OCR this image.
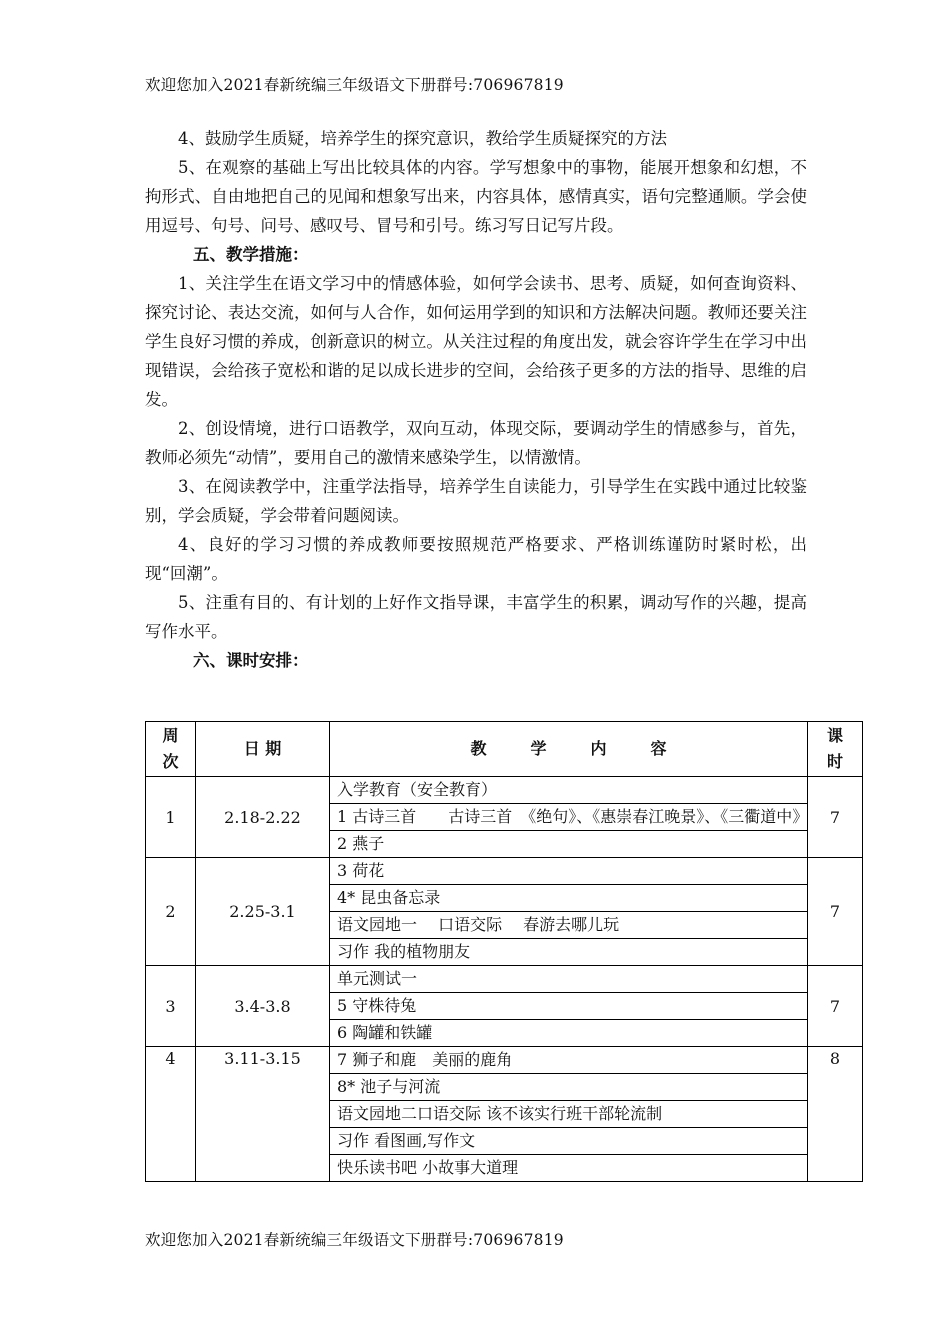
欢迎您加入2021春新统编三年级语文下册群号:706967819

4、鼓励学生质疑，培养学生的探究意识，教给学生质疑探究的方法

5、在观察的基础上写出比较具体的内容。学写想象中的事物，能展开想象和幻想，不拘形式、自由地把自己的见闻和想象写出来，内容具体，感情真实，语句完整通顺。学会使用逗号、句号、问号、感叹号、冒号和引号。练习写日记写片段。

五、教学措施：

1、关注学生在语文学习中的情感体验，如何学会读书、思考、质疑，如何查询资料、探究讨论、表达交流，如何与人合作，如何运用学到的知识和方法解决问题。教师还要关注学生良好习惯的养成，创新意识的树立。从关注过程的角度出发，就会容许学生在学习中出现错误，会给孩子宽松和谐的足以成长进步的空间，会给孩子更多的方法的指导、思维的启发。

2、创设情境，进行口语教学，双向互动，体现交际，要调动学生的情感参与，首先，教师必须先“动情”，要用自己的激情来感染学生，以情激情。

3、在阅读教学中，注重学法指导，培养学生自读能力，引导学生在实践中通过比较鉴别，学会质疑，学会带着问题阅读。

4、良好的学习习惯的养成教师要按照规范严格要求、严格训练谨防时紧时松，出现“回潮”。

5、注重有目的、有计划的上好作文指导课，丰富学生的积累，调动写作的兴趣，提高写作水平。

六、课时安排：

周次	日 期	教学内容	课时
1	2.18-2.22	入学教育（安全教育）	7
		1 古诗三首　　古诗三首　《绝句》、《惠崇春江晚景》、《三衢道中》	
		2 燕子	
2	2.25-3.1	3 荷花	7
		4* 昆虫备忘录	
		语文园地一　 口语交际　 春游去哪儿玩	
		习作 我的植物朋友	
3	3.4-3.8	单元测试一	7
		5 守株待兔	
		6 陶罐和铁罐	
4	3.11-3.15	7 狮子和鹿　美丽的鹿角	8
		8* 池子与河流	
		语文园地二口语交际 该不该实行班干部轮流制	
		习作 看图画,写作文	
		快乐读书吧 小故事大道理	
欢迎您加入2021春新统编三年级语文下册群号:706967819
